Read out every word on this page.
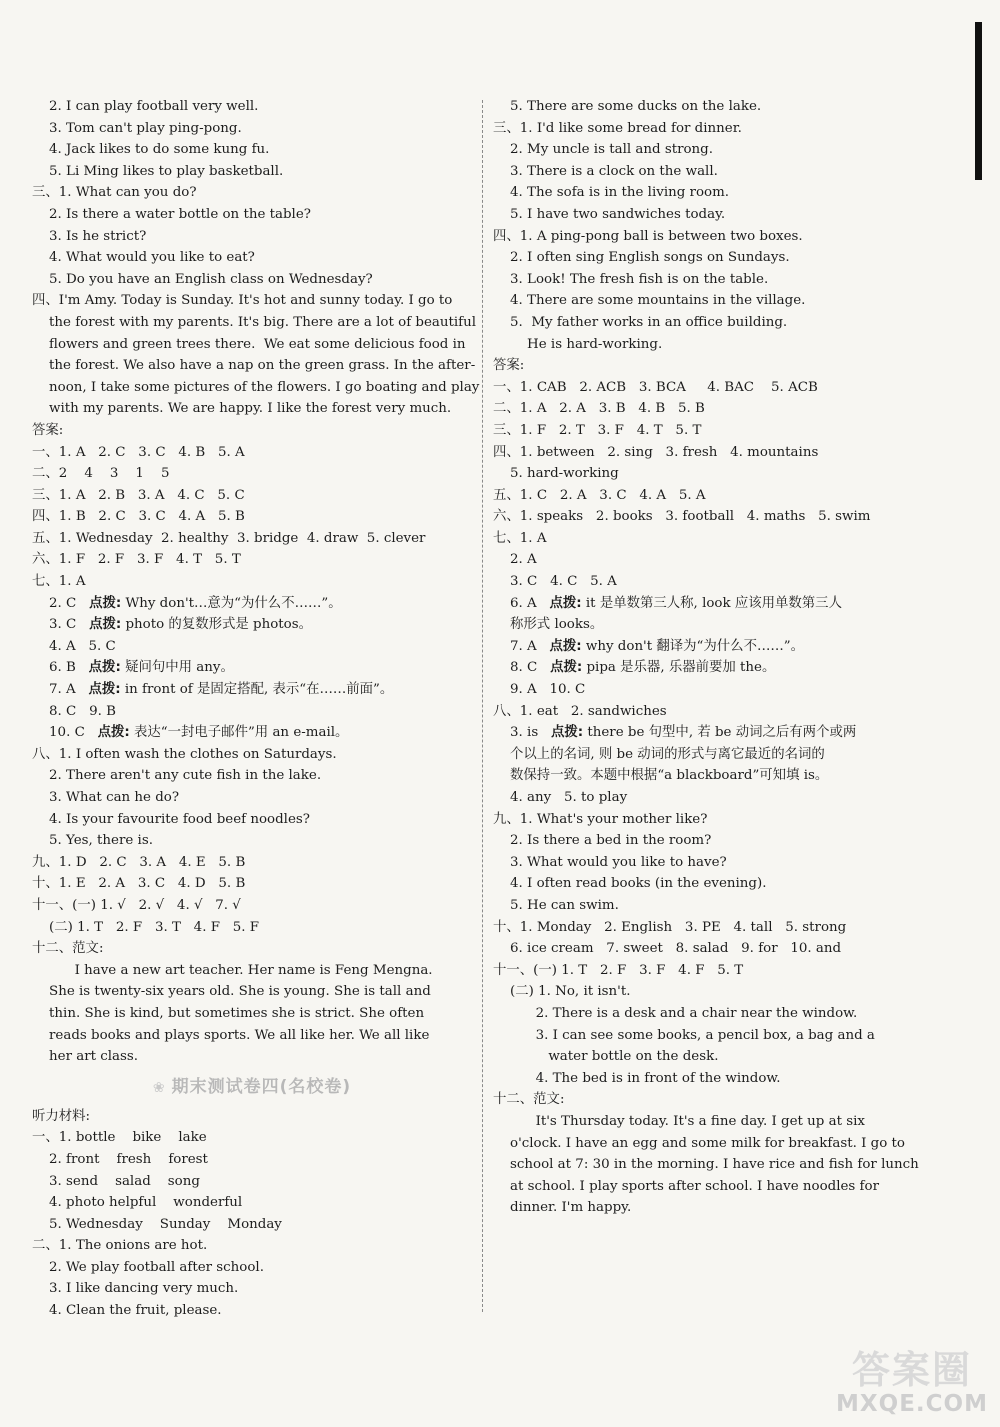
2. I can play football very well.
3. Tom can't play ping-pong.
4. Jack likes to do some kung fu.
5. Li Ming likes to play basketball.
三、1. What can you do?
2. Is there a water bottle on the table?
3. Is he strict?
4. What would you like to eat?
5. Do you have an English class on Wednesday?
四、I'm Amy. Today is Sunday. It's hot and sunny today. I go to
the forest with my parents. It's big. There are a lot of beautiful
flowers and green trees there.  We eat some delicious food in
the forest. We also have a nap on the green grass. In the after-
noon, I take some pictures of the flowers. I go boating and play
with my parents. We are happy. I like the forest very much.
答案:
一、1. A   2. C   3. C   4. B   5. A
二、2    4    3    1    5
三、1. A   2. B   3. A   4. C   5. C
四、1. B   2. C   3. C   4. A   5. B
五、1. Wednesday  2. healthy  3. bridge  4. draw  5. clever
六、1. F   2. F   3. F   4. T   5. T
七、1. A
2. C   点拨: Why don't…意为“为什么不……”。
3. C   点拨: photo 的复数形式是 photos。
4. A   5. C
6. B   点拨: 疑问句中用 any。
7. A   点拨: in front of 是固定搭配, 表示“在……前面”。
8. C   9. B
10. C   点拨: 表达“一封电子邮件”用 an e-mail。
八、1. I often wash the clothes on Saturdays.
2. There aren't any cute fish in the lake.
3. What can he do?
4. Is your favourite food beef noodles?
5. Yes, there is.
九、1. D   2. C   3. A   4. E   5. B
十、1. E   2. A   3. C   4. D   5. B
十一、(一) 1. √   2. √   4. √   7. √
(二) 1. T   2. F   3. T   4. F   5. F
十二、范文:
I have a new art teacher. Her name is Feng Mengna.
She is twenty-six years old. She is young. She is tall and
thin. She is kind, but sometimes she is strict. She often
reads books and plays sports. We all like her. We all like
her art class.
❀ 期末测试卷四(名校卷)
听力材料:
一、1. bottle    bike    lake
2. front    fresh    forest
3. send    salad    song
4. photo helpful    wonderful
5. Wednesday    Sunday    Monday
二、1. The onions are hot.
2. We play football after school.
3. I like dancing very much.
4. Clean the fruit, please.
5. There are some ducks on the lake.
三、1. I'd like some bread for dinner.
2. My uncle is tall and strong.
3. There is a clock on the wall.
4. The sofa is in the living room.
5. I have two sandwiches today.
四、1. A ping-pong ball is between two boxes.
2. I often sing English songs on Sundays.
3. Look! The fresh fish is on the table.
4. There are some mountains in the village.
5.  My father works in an office building.
He is hard-working.
答案:
一、1. CAB   2. ACB   3. BCA     4. BAC    5. ACB
二、1. A   2. A   3. B   4. B   5. B
三、1. F   2. T   3. F   4. T   5. T
四、1. between   2. sing   3. fresh   4. mountains
5. hard-working
五、1. C   2. A   3. C   4. A   5. A
六、1. speaks   2. books   3. football   4. maths   5. swim
七、1. A
2. A
3. C   4. C   5. A
6. A   点拨: it 是单数第三人称, look 应该用单数第三人
称形式 looks。
7. A   点拨: why don't 翻译为“为什么不……”。
8. C   点拨: pipa 是乐器, 乐器前要加 the。
9. A   10. C
八、1. eat   2. sandwiches
3. is   点拨: there be 句型中, 若 be 动词之后有两个或两
个以上的名词, 则 be 动词的形式与离它最近的名词的
数保持一致。本题中根据“a blackboard”可知填 is。
4. any   5. to play
九、1. What's your mother like?
2. Is there a bed in the room?
3. What would you like to have?
4. I often read books (in the evening).
5. He can swim.
十、1. Monday   2. English   3. PE   4. tall   5. strong
6. ice cream   7. sweet   8. salad   9. for   10. and
十一、(一) 1. T   2. F   3. F   4. F   5. T
(二) 1. No, it isn't.
2. There is a desk and a chair near the window.
3. I can see some books, a pencil box, a bag and a
water bottle on the desk.
4. The bed is in front of the window.
十二、范文:
It's Thursday today. It's a fine day. I get up at six
o'clock. I have an egg and some milk for breakfast. I go to
school at 7: 30 in the morning. I have rice and fish for lunch
at school. I play sports after school. I have noodles for
dinner. I'm happy.
答案圈
MXQE.COM
